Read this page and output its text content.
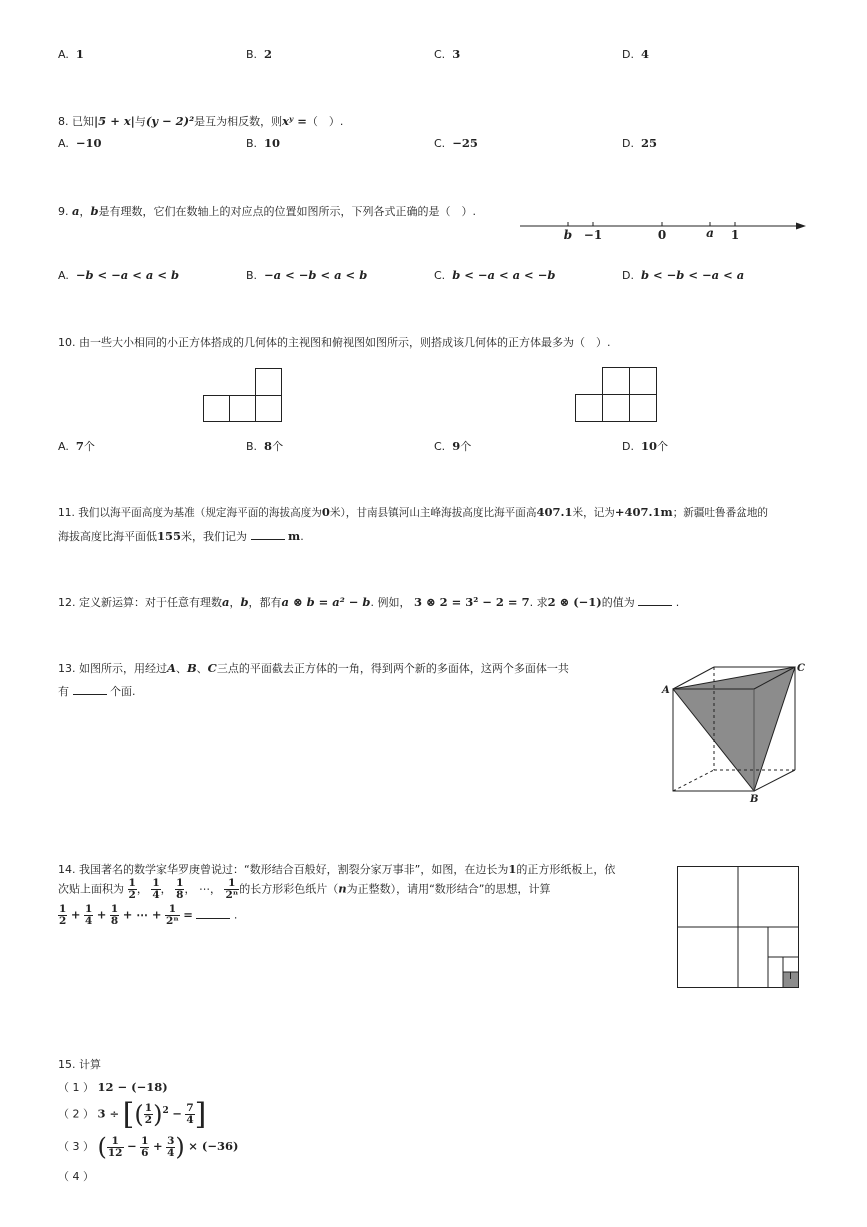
A. 1	B. 2	C. 3	D. 4
8. 已知|5 + x|与(y − 2)²是互为相反数，则xʸ =（　）.
A. −10	B. 10	C. −25	D. 25
9. a，b是有理数，它们在数轴上的对应点的位置如图所示，下列各式正确的是（　）.
b −1	0	a 1
A. −b < −a < a < b	B. −a < −b < a < b	C. b < −a < a < −b	D. b < −b < −a < a
10. 由一些大小相同的小正方体搭成的几何体的主视图和俯视图如图所示，则搭成该几何体的正方体最多为（　）.
A. 7个	B. 8个	C. 9个	D. 10个
11. 我们以海平面高度为基准（规定海平面的海拔高度为0米），甘南县镇河山主峰海拔高度比海平面高407.1米，记为+407.1m；新疆吐鲁番盆地的
海拔高度比海平面低155米，我们记为	m.
12. 定义新运算：对于任意有理数a，b，都有a ⊗ b = a² − b. 例如， 3 ⊗ 2 = 3² − 2 = 7. 求2 ⊗ (−1)的值为	.
13. 如图所示，用经过A、B、C三点的平面截去正方体的一角，得到两个新的多面体，这两个多面体一共
有	个面.	A
C
B
14. 我国著名的数学家华罗庚曾说过：“数形结合百般好，割裂分家万事非”，如图，在边长为1的正方形纸板上，依
次贴上面积为 $\frac{1}{2}$ ， $\frac{1}{4}$ ， $\frac{1}{8}$ ， ⋯， $\frac{1}{\text{2ⁿ}}$ 的长方形彩色纸片（n为正整数），请用“数形结合”的思想，计算
$\frac{1}{2} + \frac{1}{4} + \frac{1}{8}$ + ⋯ + $\frac{1}{\text{2ⁿ}}$ =	.
15. 计算
（ 1 ） 12 − (−18)
（ 2 ） 3 ÷ [( $\frac{1}{2} )^2 - \frac{7}{4}$ ]
（ 3 ） ( $\frac{1}{12} - \frac{1}{6} + \frac{3}{4}$ ) × (−36)
（ 4 ）
